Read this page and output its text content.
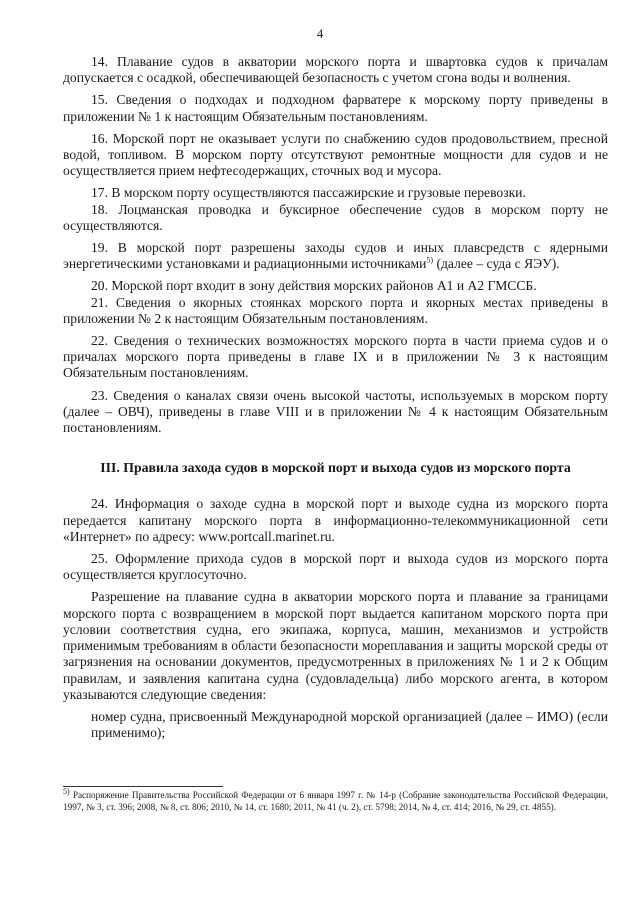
4

14. Плавание судов в акватории морского порта и швартовка судов к причалам допускается с осадкой, обеспечивающей безопасность с учетом сгона воды и волнения.

15. Сведения о подходах и подходном фарватере к морскому порту приведены в приложении № 1 к настоящим Обязательным постановлениям.

16. Морской порт не оказывает услуги по снабжению судов продовольствием, пресной водой, топливом. В морском порту отсутствуют ремонтные мощности для судов и не осуществляется прием нефтесодержащих, сточных вод и мусора.

17. В морском порту осуществляются пассажирские и грузовые перевозки.

18. Лоцманская проводка и буксирное обеспечение судов в морском порту не осуществляются.

19. В морской порт разрешены заходы судов и иных плавсредств с ядерными энергетическими установками и радиационными источниками$^{5)}$ (далее – суда с ЯЭУ).

20. Морской порт входит в зону действия морских районов А1 и А2 ГМССБ.

21. Сведения о якорных стоянках морского порта и якорных местах приведены в приложении № 2 к настоящим Обязательным постановлениям.

22. Сведения о технических возможностях морского порта в части приема судов и о причалах морского порта приведены в главе IX и в приложении № 3 к настоящим Обязательным постановлениям.

23. Сведения о каналах связи очень высокой частоты, используемых в морском порту (далее – ОВЧ), приведены в главе VIII и в приложении № 4 к настоящим Обязательным постановлениям.

III. Правила захода судов в морской порт и выхода судов из морского порта

24. Информация о заходе судна в морской порт и выходе судна из морского порта передается капитану морского порта в информационно-телекоммуникационной сети «Интернет» по адресу: www.portcall.marinet.ru.

25. Оформление прихода судов в морской порт и выхода судов из морского порта осуществляется круглосуточно.

Разрешение на плавание судна в акватории морского порта и плавание за границами морского порта с возвращением в морской порт выдается капитаном морского порта при условии соответствия судна, его экипажа, корпуса, машин, механизмов и устройств применимым требованиям в области безопасности мореплавания и защиты морской среды от загрязнения на основании документов, предусмотренных в приложениях № 1 и 2 к Общим правилам, и заявления капитана судна (судовладельца) либо морского агента, в котором указываются следующие сведения:

номер судна, присвоенный Международной морской организацией (далее – ИМО) (если применимо);

$^{5)}$ Распоряжение Правительства Российской Федерации от 6 января 1997 г. № 14-р (Собрание законодательства Российской Федерации, 1997, № 3, ст. 396; 2008, № 8, ст. 806; 2010, № 14, ст. 1680; 2011, № 41 (ч. 2), ст. 5798; 2014, № 4, ст. 414; 2016, № 29, ст. 4855).
